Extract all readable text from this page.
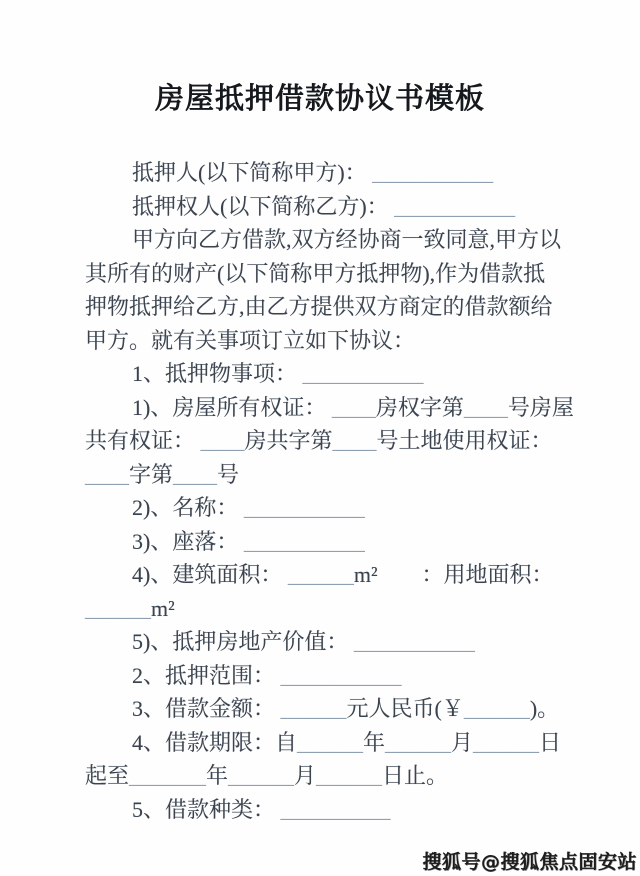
房屋抵押借款协议书模板
抵押人(以下简称甲方)： ___________
抵押权人(以下简称乙方)： ___________
甲方向乙方借款,双方经协商一致同意,甲方以
其所有的财产(以下简称甲方抵押物),作为借款抵
押物抵押给乙方,由乙方提供双方商定的借款额给
甲方。就有关事项订立如下协议：
1、抵押物事项： ___________
1)、房屋所有权证： ____房权字第____号房屋
共有权证： ____房共字第____号土地使用权证：
____字第____号
2)、名称： ___________
3)、座落： ___________
4)、建筑面积： ______m²　　：用地面积：
______m²
5)、抵押房地产价值： ___________
2、抵押范围： ___________
3、借款金额： ______元人民币(￥______)。
4、借款期限：自______年______月______日
起至_______年______月______日止。
5、借款种类： __________
搜狐号@搜狐焦点固安站
